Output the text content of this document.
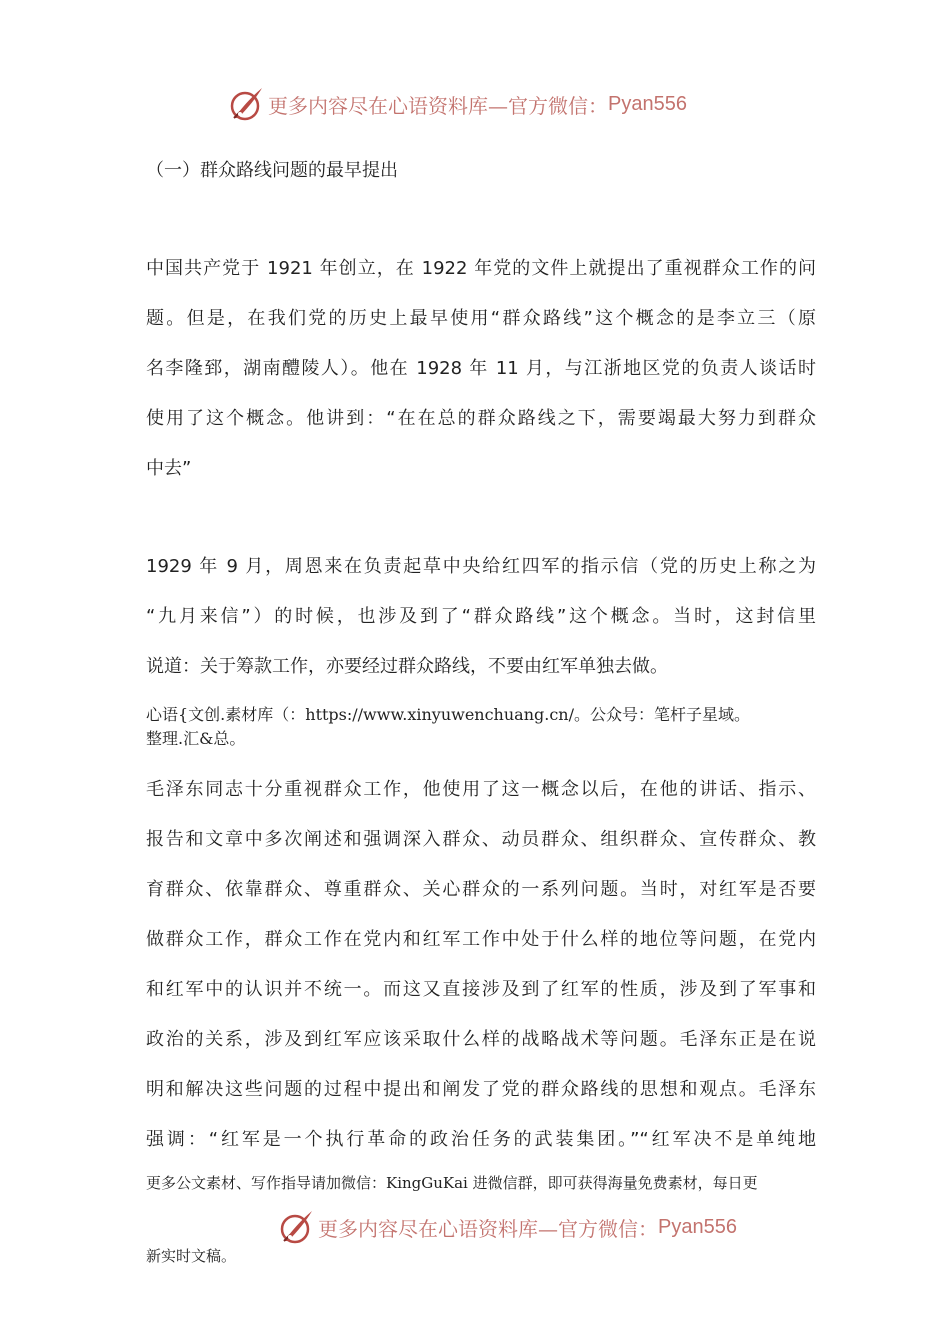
更多内容尽在心语资料库—官方微信： Pyan556
（一）群众路线问题的最早提出
中国共产党于 1921 年创立，在 1922 年党的文件上就提出了重视群众工作的问
题。但是，在我们党的历史上最早使用“群众路线”这个概念的是李立三（原
名李隆郅，湖南醴陵人）。他在 1928 年 11 月，与江浙地区党的负责人谈话时
使用了这个概念。他讲到：“在在总的群众路线之下，需要竭最大努力到群众
中去”
1929 年 9 月，周恩来在负责起草中央给红四军的指示信（党的历史上称之为
“九月来信”）的时候，也涉及到了“群众路线”这个概念。当时，这封信里
说道：关于筹款工作，亦要经过群众路线，不要由红军单独去做。
心语{文创.素材库（：https://www.xinyuwenchuang.cn/。公众号：笔杆子星域。
整理.汇&总。
毛泽东同志十分重视群众工作，他使用了这一概念以后，在他的讲话、指示、
报告和文章中多次阐述和强调深入群众、动员群众、组织群众、宣传群众、教
育群众、依靠群众、尊重群众、关心群众的一系列问题。当时，对红军是否要
做群众工作，群众工作在党内和红军工作中处于什么样的地位等问题，在党内
和红军中的认识并不统一。而这又直接涉及到了红军的性质，涉及到了军事和
政治的关系，涉及到红军应该采取什么样的战略战术等问题。毛泽东正是在说
明和解决这些问题的过程中提出和阐发了党的群众路线的思想和观点。毛泽东
强调：“红军是一个执行革命的政治任务的武装集团。”“红军决不是单纯地
更多公文素材、写作指导请加微信：KingGuKai 进微信群，即可获得海量免费素材，每日更
更多内容尽在心语资料库—官方微信： Pyan556
新实时文稿。
